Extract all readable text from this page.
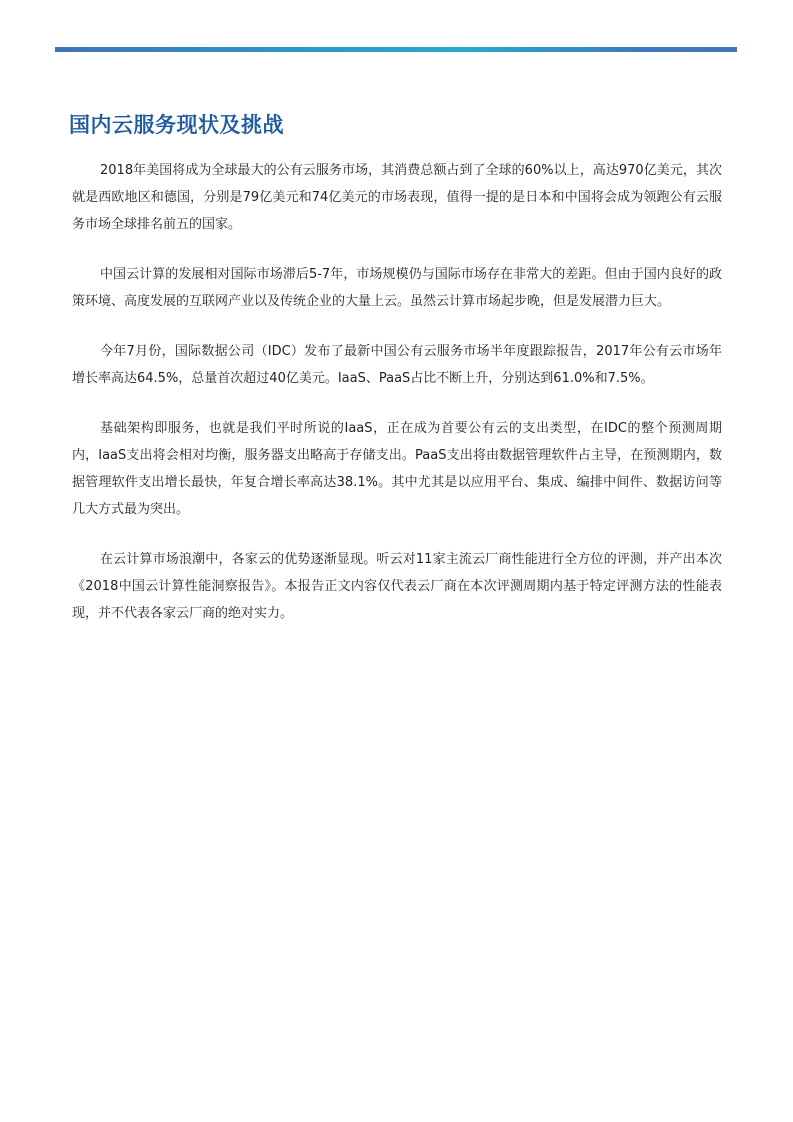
国内云服务现状及挑战

2018年美国将成为全球最大的公有云服务市场，其消费总额占到了全球的60%以上，高达970亿美元，其次就是西欧地区和德国，分别是79亿美元和74亿美元的市场表现，值得一提的是日本和中国将会成为领跑公有云服务市场全球排名前五的国家。

中国云计算的发展相对国际市场滞后5-7年，市场规模仍与国际市场存在非常大的差距。但由于国内良好的政策环境、高度发展的互联网产业以及传统企业的大量上云。虽然云计算市场起步晚，但是发展潜力巨大。

今年7月份，国际数据公司（IDC）发布了最新中国公有云服务市场半年度跟踪报告，2017年公有云市场年增长率高达64.5%，总量首次超过40亿美元。IaaS、PaaS占比不断上升，分别达到61.0%和7.5%。

基础架构即服务，也就是我们平时所说的IaaS，正在成为首要公有云的支出类型，在IDC的整个预测周期内，IaaS支出将会相对均衡，服务器支出略高于存储支出。PaaS支出将由数据管理软件占主导，在预测期内，数据管理软件支出增长最快，年复合增长率高达38.1%。其中尤其是以应用平台、集成、编排中间件、数据访问等几大方式最为突出。

在云计算市场浪潮中，各家云的优势逐渐显现。听云对11家主流云厂商性能进行全方位的评测，并产出本次《2018中国云计算性能洞察报告》。本报告正文内容仅代表云厂商在本次评测周期内基于特定评测方法的性能表现，并不代表各家云厂商的绝对实力。
